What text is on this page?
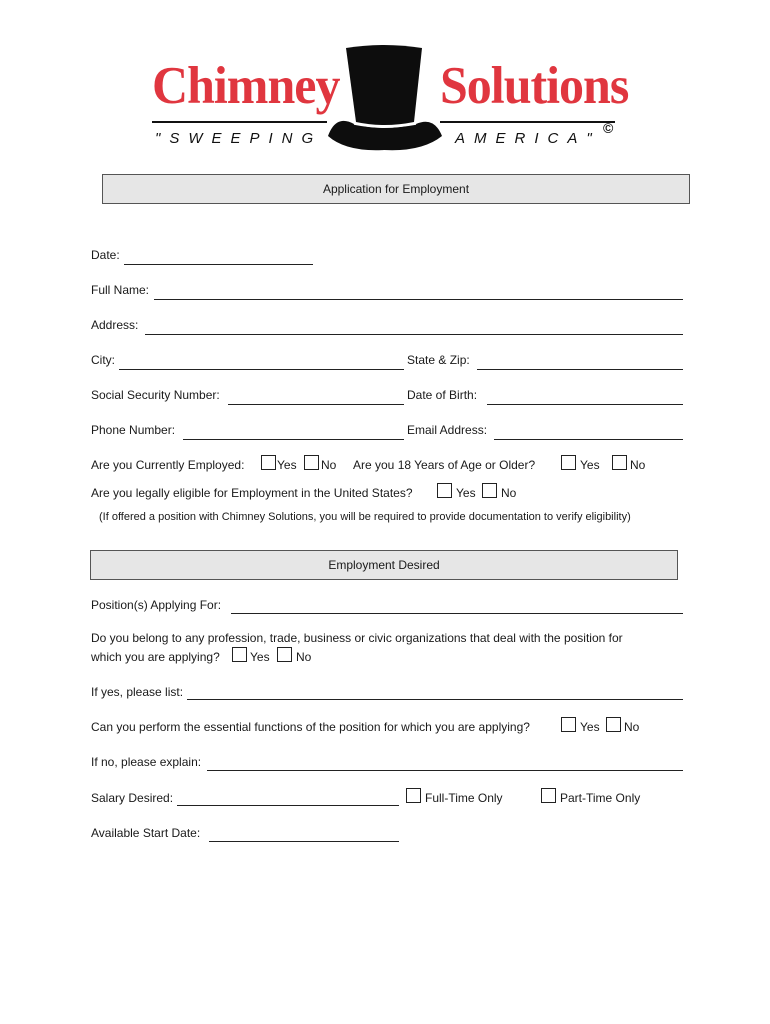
Chimney Solutions
"SWEEPING	AMERICA"
©
Application for Employment
Date:
Full Name:
Address:
City:	State & Zip:
Social Security Number:	Date of Birth:
Phone Number:	Email Address:
Are you Currently Employed:	Yes No Are you 18 Years of Age or Older?	Yes	No
Are you legally eligible for Employment in the United States?	Yes No
(If offered a position with Chimney Solutions, you will be required to provide documentation to verify eligibility)
Employment Desired
Position(s) Applying For:
Do you belong to any profession, trade, business or civic organizations that deal with the position for
which you are applying?	Yes No
If yes, please list:
Can you perform the essential functions of the position for which you are applying?	Yes No
If no, please explain:
Salary Desired:	Full-Time Only	Part-Time Only
Available Start Date:
